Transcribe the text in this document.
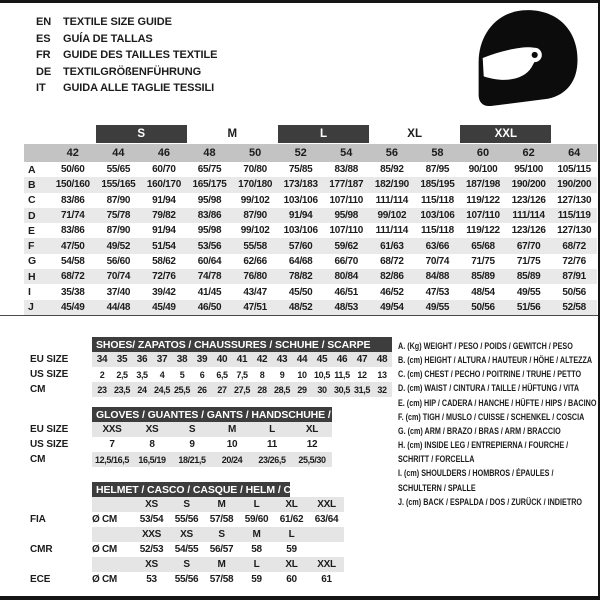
EN	TEXTILE SIZE GUIDE
ES	GUÍA DE TALLAS
FR	GUIDE DES TAILLES TEXTILE
DE	TEXTILGRÖßENFÜHRUNG
IT	GUIDA ALLE TAGLIE TESSILI
S	M	L	XL	XXL
42	44	46	48	50	52	54	56	58	60	62	64
A	50/60	55/65	60/70	65/75	70/80	75/85	83/88	85/92	87/95	90/100	95/100	105/115
B	150/160	155/165	160/170	165/175	170/180	173/183	177/187	182/190	185/195	187/198	190/200	190/200
C	83/86	87/90	91/94	95/98	99/102	103/106	107/110	111/114	115/118	119/122	123/126	127/130
D	71/74	75/78	79/82	83/86	87/90	91/94	95/98	99/102	103/106	107/110	111/114	115/119
E	83/86	87/90	91/94	95/98	99/102	103/106	107/110	111/114	115/118	119/122	123/126	127/130
F	47/50	49/52	51/54	53/56	55/58	57/60	59/62	61/63	63/66	65/68	67/70	68/72
G	54/58	56/60	58/62	60/64	62/66	64/68	66/70	68/72	70/74	71/75	71/75	72/76
H	68/72	70/74	72/76	74/78	76/80	78/82	80/84	82/86	84/88	85/89	85/89	87/91
I	35/38	37/40	39/42	41/45	43/47	45/50	46/51	46/52	47/53	48/54	49/55	50/56
J	45/49	44/48	45/49	46/50	47/51	48/52	48/53	49/54	49/55	50/56	51/56	52/58
SHOES/ ZAPATOS / CHAUSSURES / SCHUHE / SCARPE
EU SIZE	34 35 36 37 38 39 40 41 42 43 44 45 46 47 48
US SIZE	2	2,5 3,5	4	5	6	6,5 7,5	8	9	10 10,5 11,5 12	13
CM	23 23,5 24 24,5 25,5 26	27 27,5 28 28,5 29	30 30,5 31,5 32
GLOVES / GUANTES / GANTS / HANDSCHUHE / GUANTI
EU SIZE	XXS	XS	S	M	L	XL
US SIZE	7	8	9	10	11	12
CM	12,5/16,5	16,5/19	18/21,5	20/24	23/26,5	25,5/30
HELMET / CASCO / CASQUE / HELM / CASCO
XS	S	M	L	XL	XXL
FIA	Ø CM	53/54	55/56	57/58	59/60	61/62	63/64
XXS	XS	S	M	L
CMR	Ø CM	52/53	54/55	56/57	58	59
XS	S	M	L	XL	XXL
ECE	Ø CM	53	55/56	57/58	59	60	61
A. (Kg) WEIGHT / PESO / POIDS / GEWITCH / PESO
B. (cm) HEIGHT / ALTURA / HAUTEUR / HÖHE / ALTEZZA
C. (cm) CHEST / PECHO / POITRINE / TRUHE / PETTO
D. (cm) WAIST / CINTURA / TAILLE / HÜFTUNG / VITA
E. (cm) HIP / CADERA / HANCHE / HÜFTE / HIPS / BACINO
F. (cm) TIGH / MUSLO / CUISSE / SCHENKEL / COSCIA
G. (cm) ARM / BRAZO / BRAS / ARM / BRACCIO
H. (cm) INSIDE LEG / ENTREPIERNA / FOURCHE /
SCHRITT / FORCELLA
I. (cm) SHOULDERS / HOMBROS / ÉPAULES /
SCHULTERN / SPALLE
J. (cm) BACK / ESPALDA / DOS / ZURÜCK / INDIETRO
